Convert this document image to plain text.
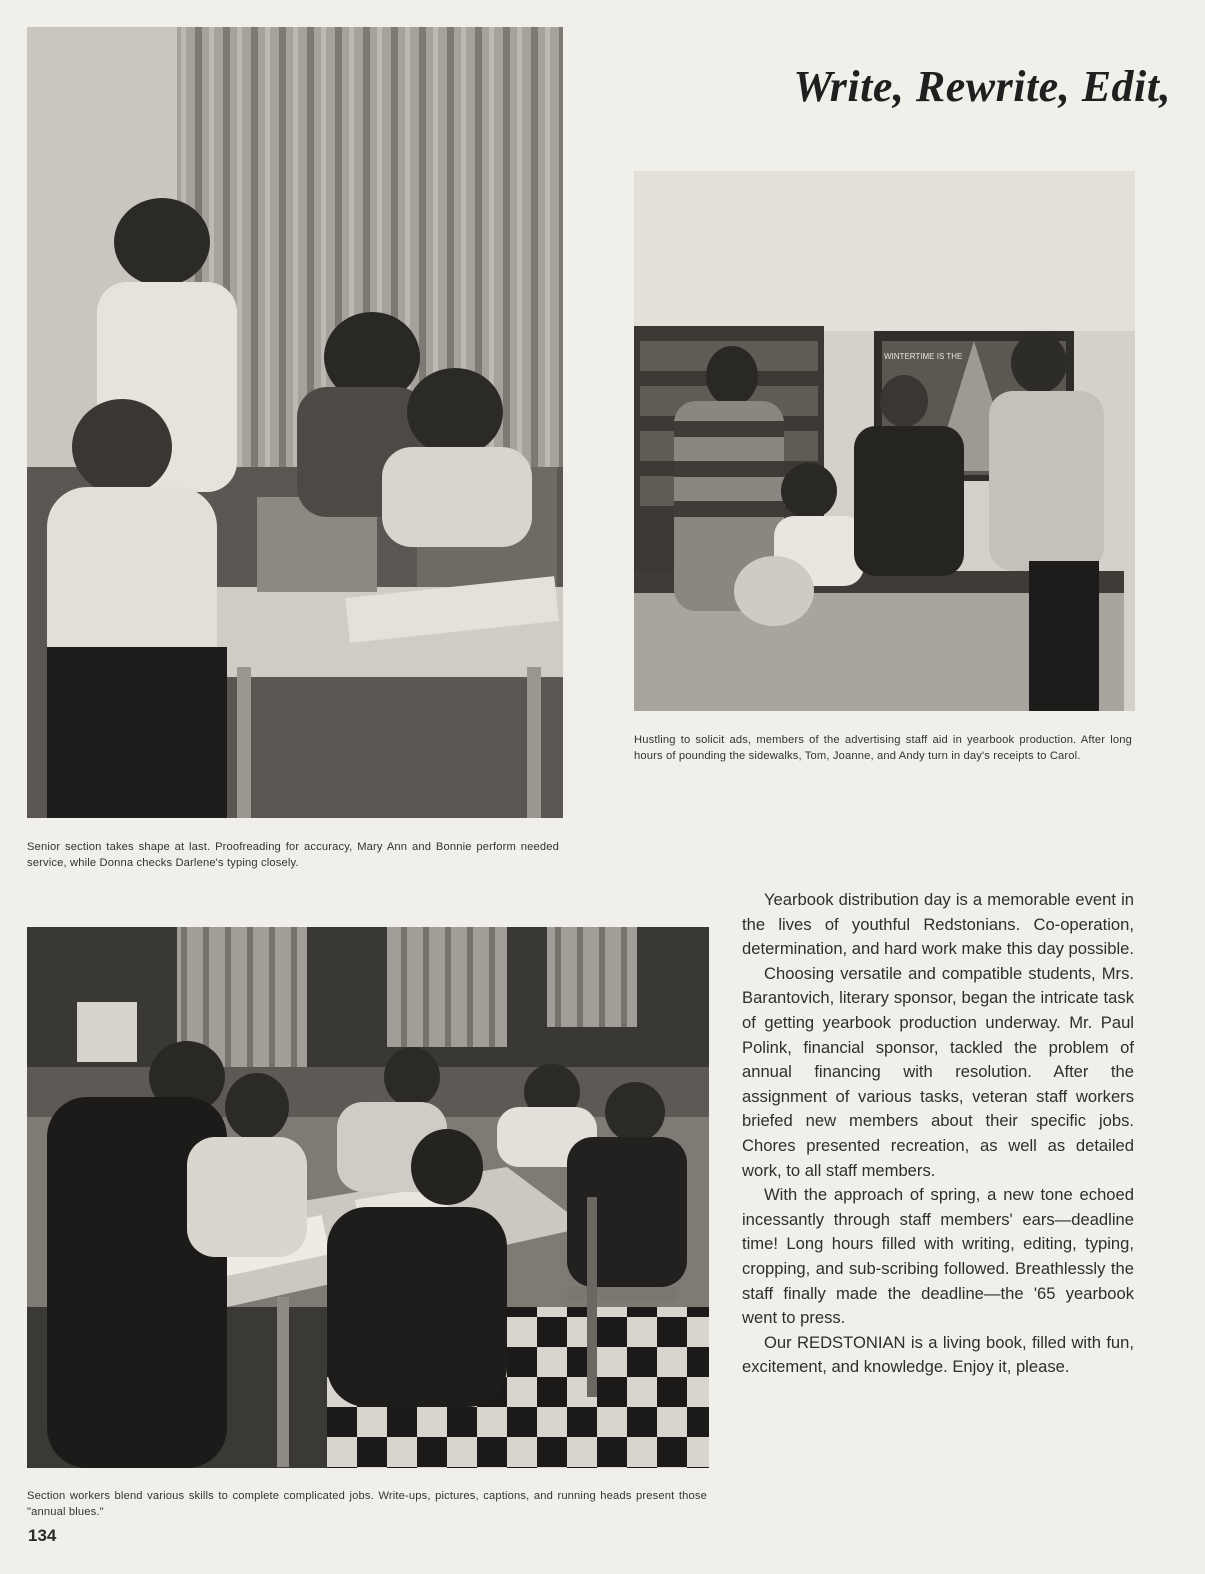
Write, Rewrite, Edit,

Senior section takes shape at last. Proofreading for accuracy, Mary Ann and Bonnie perform needed service, while Donna checks Darlene's typing closely.

WINTERTIME IS THE

Hustling to solicit ads, members of the advertising staff aid in yearbook production. After long hours of pounding the sidewalks, Tom, Joanne, and Andy turn in day's receipts to Carol.

Section workers blend various skills to complete complicated jobs. Write-ups, pictures, captions, and running heads present those "annual blues."

Yearbook distribution day is a memorable event in the lives of youthful Redstonians. Co-operation, determination, and hard work make this day possible.

Choosing versatile and compatible students, Mrs. Barantovich, literary sponsor, began the intricate task of getting yearbook production underway. Mr. Paul Polink, financial sponsor, tackled the problem of annual financing with resolution. After the assignment of various tasks, veteran staff workers briefed new members about their specific jobs. Chores presented recreation, as well as detailed work, to all staff members.

With the approach of spring, a new tone echoed incessantly through staff members' ears—deadline time! Long hours filled with writing, editing, typing, cropping, and sub-scribing followed. Breathlessly the staff finally made the deadline—the '65 yearbook went to press.

Our REDSTONIAN is a living book, filled with fun, excitement, and knowledge. Enjoy it, please.

134
